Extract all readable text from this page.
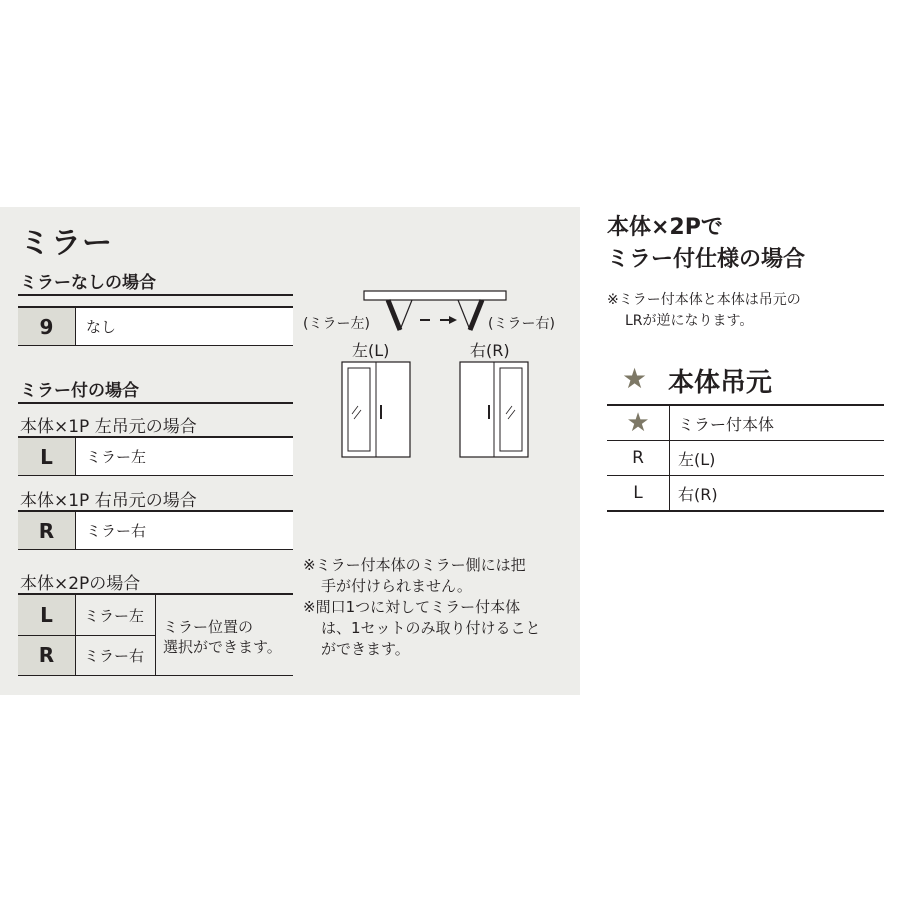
ミラー
ミラーなしの場合
9	なし
ミラー付の場合
本体×1P 左吊元の場合
L	ミラー左
本体×1P 右吊元の場合
R	ミラー右
本体×2Pの場合
L	ミラー左
R	ミラー右
ミラー位置の
選択ができます。
(ミラー左)	(ミラー右)
左(L)	右(R)
※ミラー付本体のミラー側には把
手が付けられません。
※間口1つに対してミラー付本体
は、1セットのみ取り付けること
ができます。
本体×2Pで
ミラー付仕様の場合
※ミラー付本体と本体は吊元の
LRが逆になります。
★ 本体吊元
★	ミラー付本体
R	左(L)
L	右(R)
